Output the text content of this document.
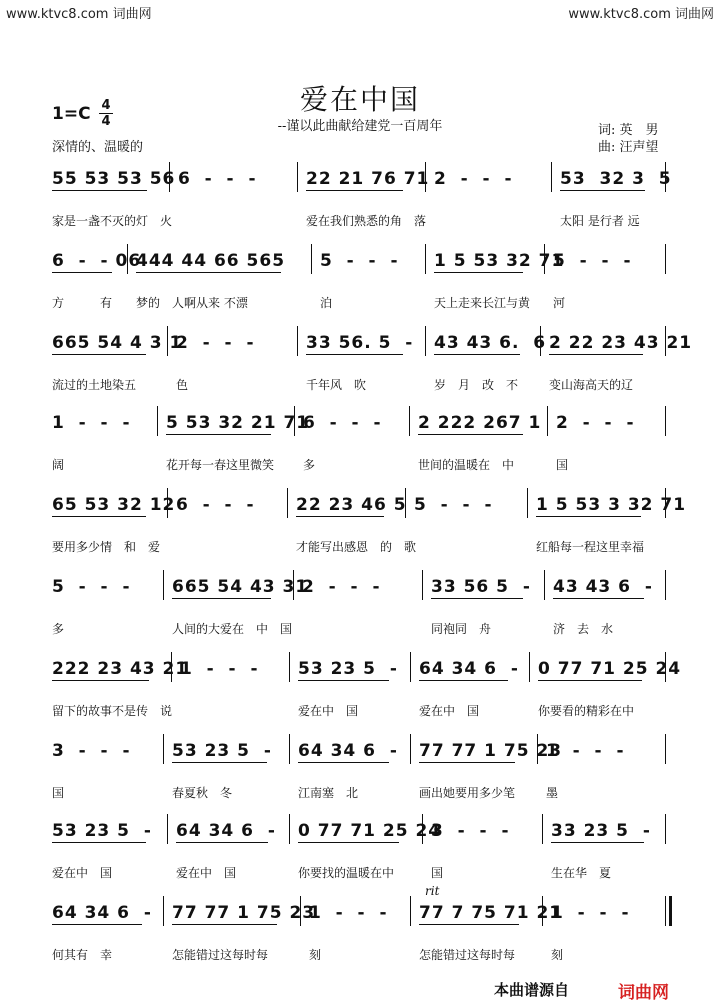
www.ktvc8.com 词曲网	www.ktvc8.com 词曲网
爱在中国
--谨以此曲献给建党一百周年
1=C 4
4
深情的、温暖的
词: 英　男
曲: 汪声望
55 53 53 56
家是一盏不灭的灯　火
6  -  -  -	22 21 76 71
爱在我们熟悉的角　落
2  -  -  -	53  32 3  5
太阳 是行者 远
6  -  - 06
方　　　有
444 44 66 565
梦的　人啊从来 不漂
5  -  -  -
泊
1 5 53 32 71
天上走来长江与黄
5  -  -  -
河
665 54 4 3 1
流过的土地染五
2  -  -  -
色
33 56. 5  -
千年风　吹
43 43 6.  6
岁　月　改　不
2 22 23 43 21
变山海高天的辽
1  -  -  -
阔
5 53 32 21 71
花开每一春这里微笑
6  -  -  -
多
2 222 267 1
世间的温暖在　中
2  -  -  -
国
65 53 32 12
要用多少情　和　爱
6  -  -  -	22 23 46 5
才能写出感恩　的　歌
5  -  -  -	1 5 53 3 32 71
红船每一程这里幸福
5  -  -  -
多
665 54 43 31
人间的大爱在　中　国
2  -  -  -	33 56 5  -
同袍同　舟
43 43 6  -
济　去　水
222 23 43 21
留下的故事不是传　说
1  -  -  -	53 23 5  -
爱在中　国
64 34 6  -
爱在中　国
0 77 71 25 24
你要看的精彩在中
3  -  -  -
国
53 23 5  -
春夏秋　冬
64 34 6  -
江南塞　北
77 77 1 75 23
画出她要用多少笔
1  -  -  -
墨
53 23 5  -
爱在中　国
64 34 6  -
爱在中　国
0 77 71 25 24
你要找的温暖在中
3  -  -  -
国
33 23 5  -
生在华　夏
64 34 6  -
何其有　幸
77 77 1 75 23
怎能错过这每时每
1  -  -  -
刻
77 7 75 71 21
怎能错过这每时每
1  -  -  -
刻
rit
本曲谱源自	词曲网
